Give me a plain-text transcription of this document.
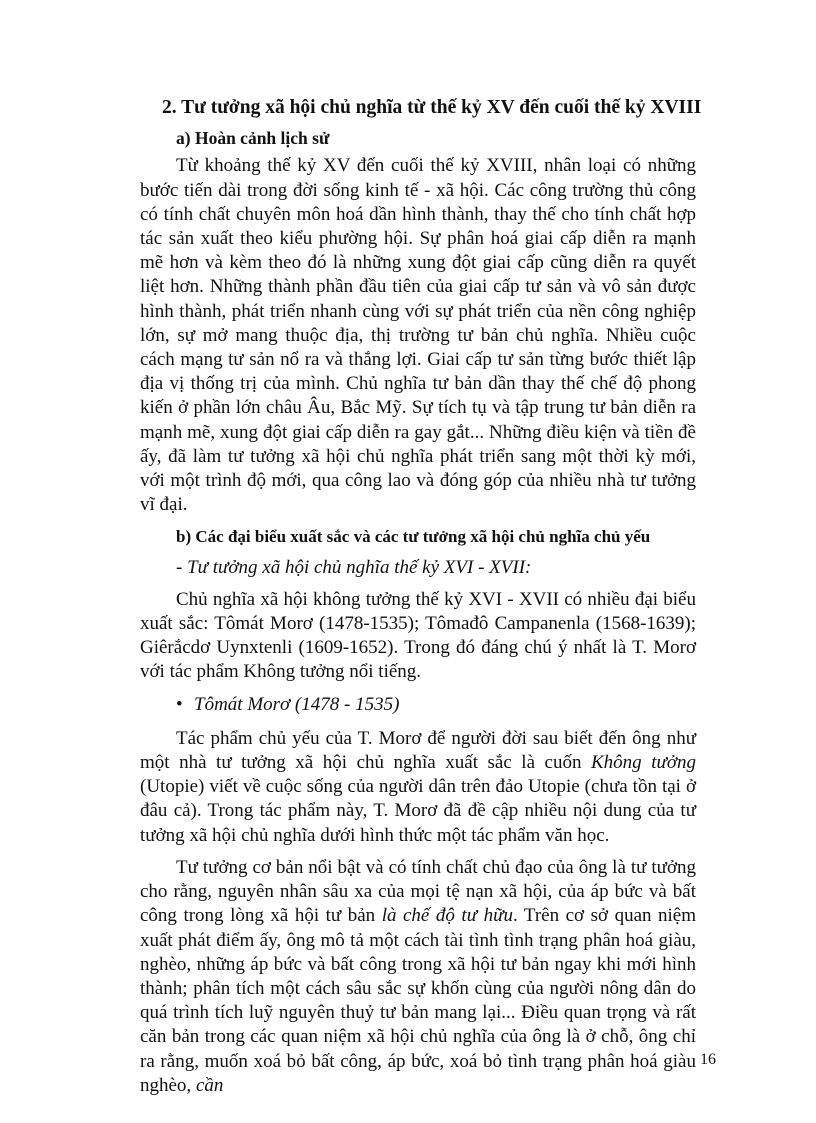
2. Tư tưởng xã hội chủ nghĩa từ thế kỷ XV đến cuối thế kỷ XVIII
a) Hoàn cảnh lịch sử

Từ khoảng thế kỷ XV đến cuối thế kỷ XVIII, nhân loại có những bước tiến dài trong đời sống kinh tế - xã hội. Các công trường thủ công có tính chất chuyên môn hoá dần hình thành, thay thế cho tính chất hợp tác sản xuất theo kiểu phường hội. Sự phân hoá giai cấp diễn ra mạnh mẽ hơn và kèm theo đó là những xung đột giai cấp cũng diễn ra quyết liệt hơn. Những thành phần đầu tiên của giai cấp tư sản và vô sản được hình thành, phát triển nhanh cùng với sự phát triển của nền công nghiệp lớn, sự mở mang thuộc địa, thị trường tư bản chủ nghĩa. Nhiều cuộc cách mạng tư sản nổ ra và thắng lợi. Giai cấp tư sản từng bước thiết lập địa vị thống trị của mình. Chủ nghĩa tư bản dần thay thế chế độ phong kiến ở phần lớn châu Âu, Bắc Mỹ. Sự tích tụ và tập trung tư bản diễn ra mạnh mẽ, xung đột giai cấp diễn ra gay gắt... Những điều kiện và tiền đề ấy, đã làm tư tưởng xã hội chủ nghĩa phát triển sang một thời kỳ mới, với một trình độ mới, qua công lao và đóng góp của nhiều nhà tư tưởng vĩ đại.

b) Các đại biểu xuất sắc và các tư tưởng xã hội chủ nghĩa chủ yếu
- Tư tưởng xã hội chủ nghĩa thế kỷ XVI - XVII:

Chủ nghĩa xã hội không tưởng thế kỷ XVI - XVII có nhiều đại biểu xuất sắc: Tômát Morơ (1478-1535); Tômađô Campanenla (1568-1639); Giêrắcdơ Uynxtenli (1609-1652). Trong đó đáng chú ý nhất là T. Morơ với tác phẩm Không tưởng nổi tiếng.

• Tômát Morơ (1478 - 1535)

Tác phẩm chủ yếu của T. Morơ để người đời sau biết đến ông như một nhà tư tưởng xã hội chủ nghĩa xuất sắc là cuốn Không tưởng (Utopie) viết về cuộc sống của người dân trên đảo Utopie (chưa tồn tại ở đâu cả). Trong tác phẩm này, T. Morơ đã đề cập nhiều nội dung của tư tưởng xã hội chủ nghĩa dưới hình thức một tác phẩm văn học.

Tư tưởng cơ bản nổi bật và có tính chất chủ đạo của ông là tư tưởng cho rằng, nguyên nhân sâu xa của mọi tệ nạn xã hội, của áp bức và bất công trong lòng xã hội tư bản là chế độ tư hữu. Trên cơ sở quan niệm xuất phát điểm ấy, ông mô tả một cách tài tình tình trạng phân hoá giàu, nghèo, những áp bức và bất công trong xã hội tư bản ngay khi mới hình thành; phân tích một cách sâu sắc sự khốn cùng của người nông dân do quá trình tích luỹ nguyên thuỷ tư bản mang lại... Điều quan trọng và rất căn bản trong các quan niệm xã hội chủ nghĩa của ông là ở chỗ, ông chỉ ra rằng, muốn xoá bỏ bất công, áp bức, xoá bỏ tình trạng phân hoá giàu nghèo, cần

16
